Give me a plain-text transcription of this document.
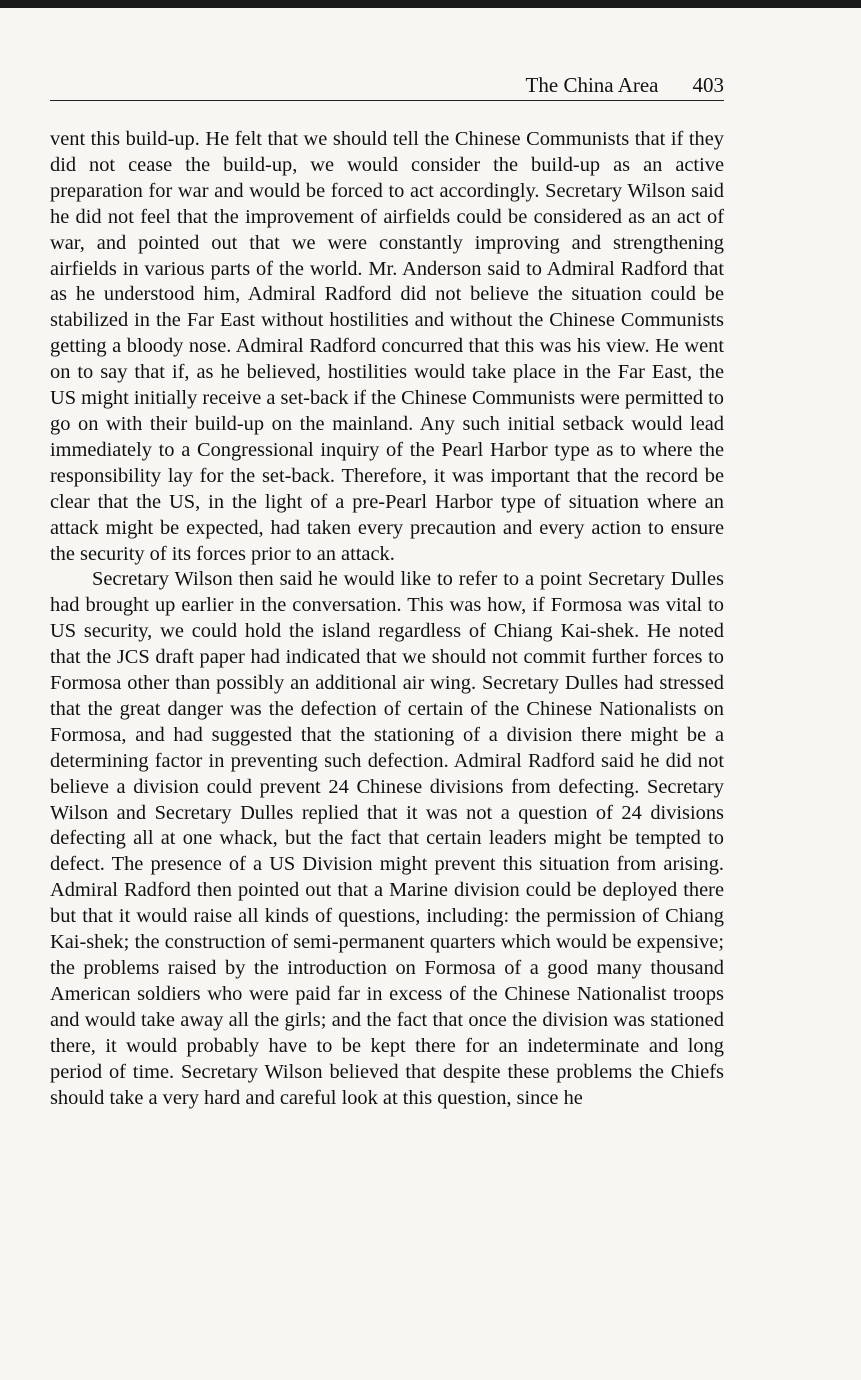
The China Area 403

vent this build-up. He felt that we should tell the Chinese Communists that if they did not cease the build-up, we would consider the build-up as an active preparation for war and would be forced to act accordingly. Secretary Wilson said he did not feel that the improvement of airfields could be considered as an act of war, and pointed out that we were constantly improving and strengthening airfields in various parts of the world. Mr. Anderson said to Admiral Radford that as he understood him, Admiral Radford did not believe the situation could be stabilized in the Far East without hostilities and without the Chinese Communists getting a bloody nose. Admiral Radford concurred that this was his view. He went on to say that if, as he believed, hostilities would take place in the Far East, the US might initially receive a set-back if the Chinese Communists were permitted to go on with their build-up on the mainland. Any such initial setback would lead immediately to a Congressional inquiry of the Pearl Harbor type as to where the responsibility lay for the set-back. Therefore, it was important that the record be clear that the US, in the light of a pre-Pearl Harbor type of situation where an attack might be expected, had taken every precaution and every action to ensure the security of its forces prior to an attack.

Secretary Wilson then said he would like to refer to a point Secretary Dulles had brought up earlier in the conversation. This was how, if Formosa was vital to US security, we could hold the island regardless of Chiang Kai-shek. He noted that the JCS draft paper had indicated that we should not commit further forces to Formosa other than possibly an additional air wing. Secretary Dulles had stressed that the great danger was the defection of certain of the Chinese Nationalists on Formosa, and had suggested that the stationing of a division there might be a determining factor in preventing such defection. Admiral Radford said he did not believe a division could prevent 24 Chinese divisions from defecting. Secretary Wilson and Secretary Dulles replied that it was not a question of 24 divisions defecting all at one whack, but the fact that certain leaders might be tempted to defect. The presence of a US Division might prevent this situation from arising. Admiral Radford then pointed out that a Marine division could be deployed there but that it would raise all kinds of questions, including: the permission of Chiang Kai-shek; the construction of semi-permanent quarters which would be expensive; the problems raised by the introduction on Formosa of a good many thousand American soldiers who were paid far in excess of the Chinese Nationalist troops and would take away all the girls; and the fact that once the division was stationed there, it would probably have to be kept there for an indeterminate and long period of time. Secretary Wilson believed that despite these problems the Chiefs should take a very hard and careful look at this question, since he
